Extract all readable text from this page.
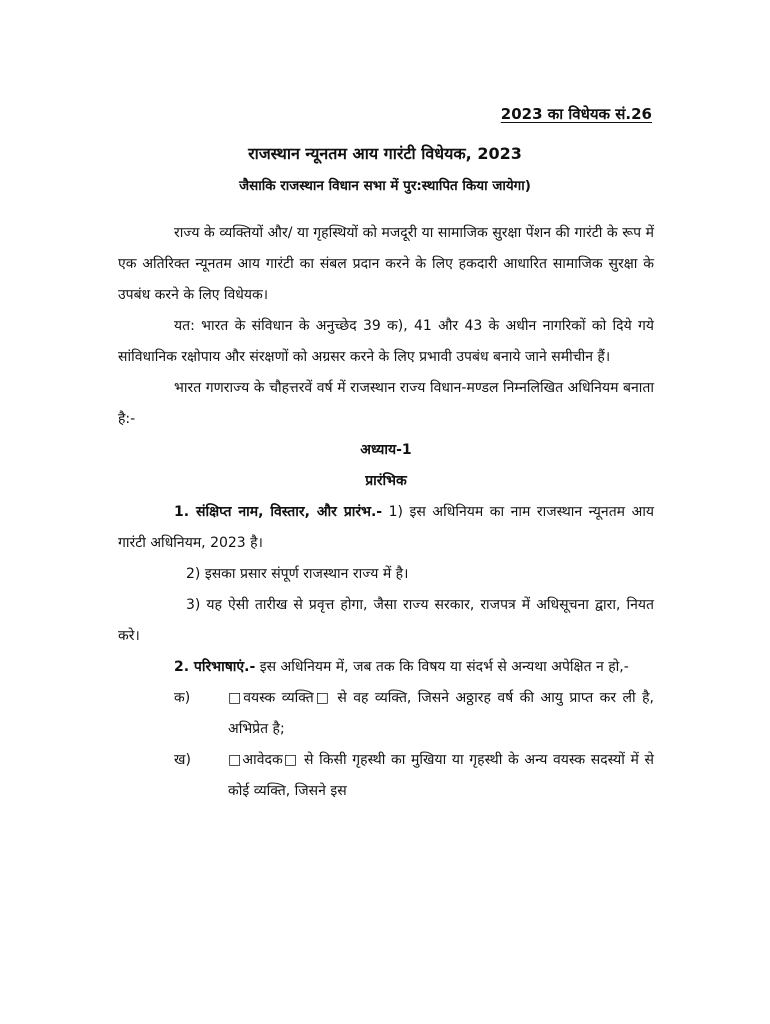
2023 का विधेयक सं.26
राजस्थान न्यूनतम आय गारंटी विधेयक, 2023
जैसाकि राजस्थान विधान सभा में पुर:स्थापित किया जायेगा)

राज्य के व्यक्तियों और/ या गृहस्थियों को मजदूरी या सामाजिक सुरक्षा पेंशन की गारंटी के रूप में एक अतिरिक्त न्यूनतम आय गारंटी का संबल प्रदान करने के लिए हकदारी आधारित सामाजिक सुरक्षा के उपबंध करने के लिए विधेयक।

यत: भारत के संविधान के अनुच्छेद 39 क), 41 और 43 के अधीन नागरिकों को दिये गये सांविधानिक रक्षोपाय और संरक्षणों को अग्रसर करने के लिए प्रभावी उपबंध बनाये जाने समीचीन हैं।

भारत गणराज्य के चौहत्तरवें वर्ष में राजस्थान राज्य विधान-मण्डल निम्नलिखित अधिनियम बनाता है:-

अध्याय-1

प्रारंभिक

1. संक्षिप्त नाम, विस्तार, और प्रारंभ.- 1) इस अधिनियम का नाम राजस्थान न्यूनतम आय गारंटी अधिनियम, 2023 है।

2) इसका प्रसार संपूर्ण राजस्थान राज्य में है।

3) यह ऐसी तारीख से प्रवृत्त होगा, जैसा राज्य सरकार, राजपत्र में अधिसूचना द्वारा, नियत करे।

2. परिभाषाएं.- इस अधिनियम में, जब तक कि विषय या संदर्भ से अन्यथा अपेक्षित न हो,-

क)	□वयस्क व्यक्ति□ से वह व्यक्ति, जिसने अठ्ठारह वर्ष की आयु प्राप्त कर ली है, अभिप्रेत है;
ख)	□आवेदक□ से किसी गृहस्थी का मुखिया या गृहस्थी के अन्य वयस्क सदस्यों में से कोई व्यक्ति, जिसने इस
